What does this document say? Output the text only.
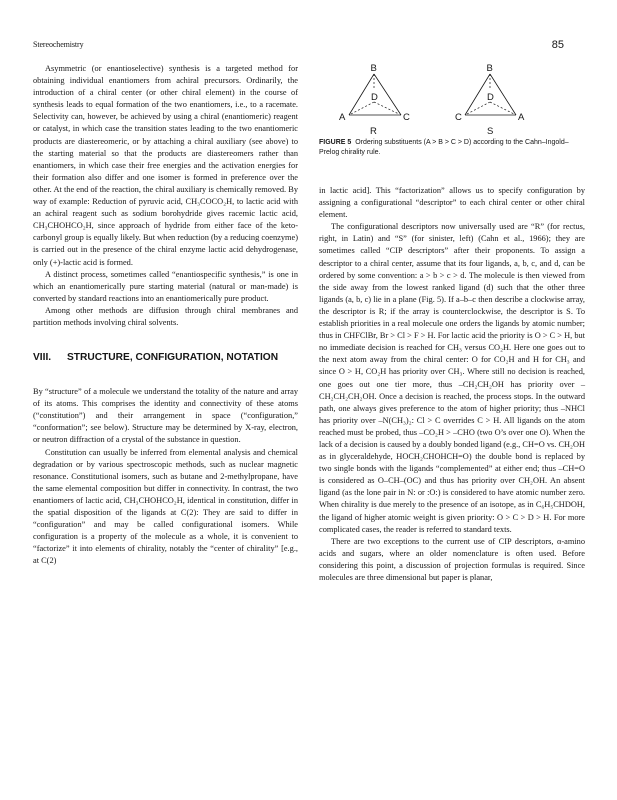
Stereochemistry	85

Asymmetric (or enantioselective) synthesis is a targeted method for obtaining individual enantiomers from achiral precursors. Ordinarily, the introduction of a chiral center (or other chiral element) in the course of synthesis leads to equal formation of the two enantiomers, i.e., to a racemate. Selectivity can, however, be achieved by using a chiral (enantiomeric) reagent or catalyst, in which case the transition states leading to the two enantiomeric products are diastereomeric, or by attaching a chiral auxiliary (see above) to the starting material so that the products are diastereomers rather than enantiomers, in which case their free energies and the activation energies for their formation also differ and one isomer is formed in preference over the other. At the end of the reaction, the chiral auxiliary is chemically removed. By way of example: Reduction of pyruvic acid, CH₃COCO₂H, to lactic acid with an achiral reagent such as sodium borohydride gives racemic lactic acid, CH₃CHOHCO₂H, since approach of hydride from either face of the keto-carbonyl group is equally likely. But when reduction (by a reducing coenzyme) is carried out in the presence of the chiral enzyme lactic acid dehydrogenase, only (+)-lactic acid is formed.

A distinct process, sometimes called “enantiospecific synthesis,” is one in which an enantiomerically pure starting material (natural or man-made) is converted by standard reactions into an enantiomerically pure product.

Among other methods are diffusion through chiral membranes and partition methods involving chiral solvents.

VIII.	STRUCTURE, CONFIGURATION, NOTATION

By “structure” of a molecule we understand the totality of the nature and array of its atoms. This comprises the identity and connectivity of these atoms (“constitution”) and their arrangement in space (“configuration,” “conformation”; see below). Structure may be determined by X-ray, electron, or neutron diffraction of a crystal of the substance in question.

Constitution can usually be inferred from elemental analysis and chemical degradation or by various spectroscopic methods, such as nuclear magnetic resonance. Constitutional isomers, such as butane and 2-methylpropane, have the same elemental composition but differ in connectivity. In contrast, the two enantiomers of lactic acid, CH₃CHOHCO₂H, identical in constitution, differ in the spatial disposition of the ligands at C(2): They are said to differ in “configuration” and may be called configurational isomers. While configuration is a property of the molecule as a whole, it is convenient to “factorize” it into elements of chirality, notably the “center of chirality” [e.g., at C(2)

B
D
A	C
R
B
D
C	A
S
FIGURE 5 Ordering substituents (A > B > C > D) according to the Cahn–Ingold–Prelog chirality rule.

in lactic acid]. This “factorization” allows us to specify configuration by assigning a configurational “descriptor” to each chiral center or other chiral element.

The configurational descriptors now universally used are “R” (for rectus, right, in Latin) and “S” (for sinister, left) (Cahn et al., 1966); they are sometimes called “CIP descriptors” after their proponents. To assign a descriptor to a chiral center, assume that its four ligands, a, b, c, and d, can be ordered by some convention: a > b > c > d. The molecule is then viewed from the side away from the lowest ranked ligand (d) such that the other three ligands (a, b, c) lie in a plane (Fig. 5). If a–b–c then describe a clockwise array, the descriptor is R; if the array is counterclockwise, the descriptor is S. To establish priorities in a real molecule one orders the ligands by atomic number; thus in CHFClBr, Br > Cl > F > H. For lactic acid the priority is O > C > H, but no immediate decision is reached for CH₃ versus CO₂H. Here one goes out to the next atom away from the chiral center: O for CO₂H and H for CH₃ and since O > H, CO₂H has priority over CH₃. Where still no decision is reached, one goes out one tier more, thus –CH₂CH₂OH has priority over –CH₂CH₂CH₂OH. Once a decision is reached, the process stops. In the outward path, one always gives preference to the atom of higher priority; thus –NHCl has priority over –N(CH₃)₂: Cl > C overrides C > H. All ligands on the atom reached must be probed, thus –CO₂H > –CHO (two O’s over one O). When the lack of a decision is caused by a doubly bonded ligand (e.g., CH=O vs. CH₂OH as in glyceraldehyde, HOCH₂CHOHCH=O) the double bond is replaced by two single bonds with the ligands “complemented” at either end; thus –CH=O is considered as O–CH–(OC) and thus has priority over CH₂OH. An absent ligand (as the lone pair in N: or :O:) is considered to have atomic number zero. When chirality is due merely to the presence of an isotope, as in C₆H₅CHDOH, the ligand of higher atomic weight is given priority: O > C > D > H. For more complicated cases, the reader is referred to standard texts.

There are two exceptions to the current use of CIP descriptors, α-amino acids and sugars, where an older nomenclature is often used. Before considering this point, a discussion of projection formulas is required. Since molecules are three dimensional but paper is planar,
